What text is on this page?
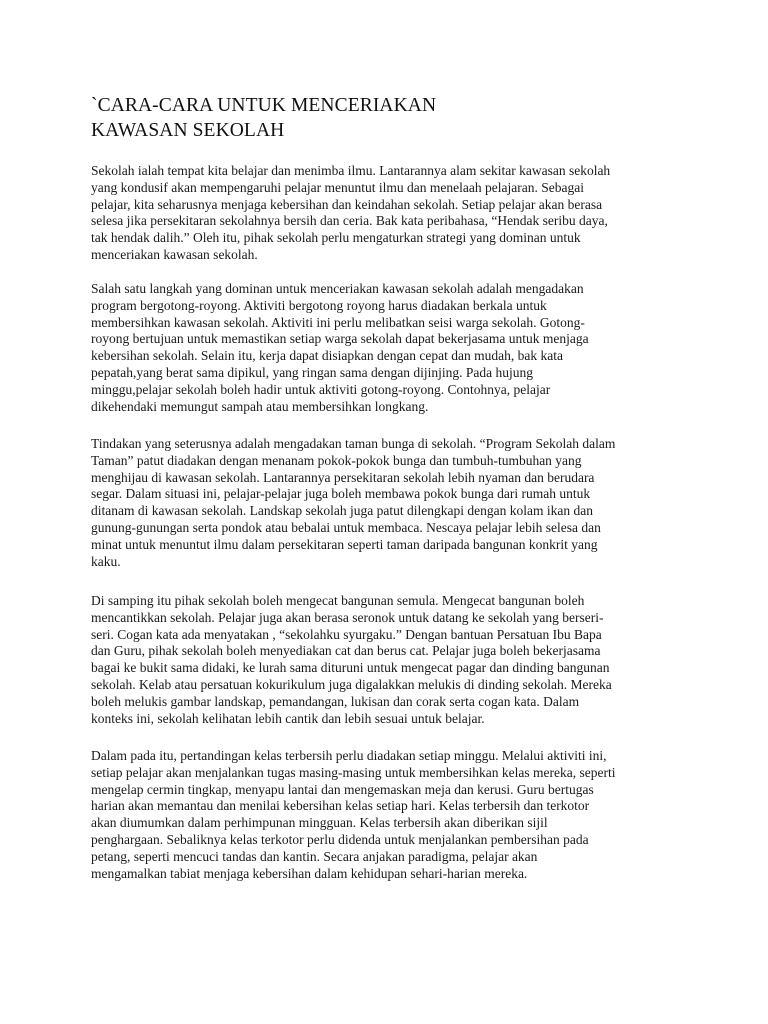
`CARA-CARA UNTUK MENCERIAKAN
KAWASAN SEKOLAH

Sekolah ialah tempat kita belajar dan menimba ilmu. Lantarannya alam sekitar kawasan sekolah
yang kondusif akan mempengaruhi pelajar menuntut ilmu dan menelaah pelajaran. Sebagai
pelajar, kita seharusnya menjaga kebersihan dan keindahan sekolah. Setiap pelajar akan berasa
selesa jika persekitaran sekolahnya bersih dan ceria. Bak kata peribahasa, “Hendak seribu daya,
tak hendak dalih.” Oleh itu, pihak sekolah perlu mengaturkan strategi yang dominan untuk
menceriakan kawasan sekolah.

Salah satu langkah yang dominan untuk menceriakan kawasan sekolah adalah mengadakan
program bergotong-royong. Aktiviti bergotong royong harus diadakan berkala untuk
membersihkan kawasan sekolah. Aktiviti ini perlu melibatkan seisi warga sekolah. Gotong-
royong bertujuan untuk memastikan setiap warga sekolah dapat bekerjasama untuk menjaga
kebersihan sekolah. Selain itu, kerja dapat disiapkan dengan cepat dan mudah, bak kata
pepatah,yang berat sama dipikul, yang ringan sama dengan dijinjing. Pada hujung
minggu,pelajar sekolah boleh hadir untuk aktiviti gotong-royong. Contohnya, pelajar
dikehendaki memungut sampah atau membersihkan longkang.

Tindakan yang seterusnya adalah mengadakan taman bunga di sekolah. “Program Sekolah dalam
Taman” patut diadakan dengan menanam pokok-pokok bunga dan tumbuh-tumbuhan yang
menghijau di kawasan sekolah. Lantarannya persekitaran sekolah lebih nyaman dan berudara
segar. Dalam situasi ini, pelajar-pelajar juga boleh membawa pokok bunga dari rumah untuk
ditanam di kawasan sekolah. Landskap sekolah juga patut dilengkapi dengan kolam ikan dan
gunung-gunungan serta pondok atau bebalai untuk membaca. Nescaya pelajar lebih selesa dan
minat untuk menuntut ilmu dalam persekitaran seperti taman daripada bangunan konkrit yang
kaku.

Di samping itu pihak sekolah boleh mengecat bangunan semula. Mengecat bangunan boleh
mencantikkan sekolah. Pelajar juga akan berasa seronok untuk datang ke sekolah yang berseri-
seri. Cogan kata ada menyatakan , “sekolahku syurgaku.” Dengan bantuan Persatuan Ibu Bapa
dan Guru, pihak sekolah boleh menyediakan cat dan berus cat. Pelajar juga boleh bekerjasama
bagai ke bukit sama didaki, ke lurah sama dituruni untuk mengecat pagar dan dinding bangunan
sekolah. Kelab atau persatuan kokurikulum juga digalakkan melukis di dinding sekolah. Mereka
boleh melukis gambar landskap, pemandangan, lukisan dan corak serta cogan kata. Dalam
konteks ini, sekolah kelihatan lebih cantik dan lebih sesuai untuk belajar.

Dalam pada itu, pertandingan kelas terbersih perlu diadakan setiap minggu. Melalui aktiviti ini,
setiap pelajar akan menjalankan tugas masing-masing untuk membersihkan kelas mereka, seperti
mengelap cermin tingkap, menyapu lantai dan mengemaskan meja dan kerusi. Guru bertugas
harian akan memantau dan menilai kebersihan kelas setiap hari. Kelas terbersih dan terkotor
akan diumumkan dalam perhimpunan mingguan. Kelas terbersih akan diberikan sijil
penghargaan. Sebaliknya kelas terkotor perlu didenda untuk menjalankan pembersihan pada
petang, seperti mencuci tandas dan kantin. Secara anjakan paradigma, pelajar akan
mengamalkan tabiat menjaga kebersihan dalam kehidupan sehari-harian mereka.
